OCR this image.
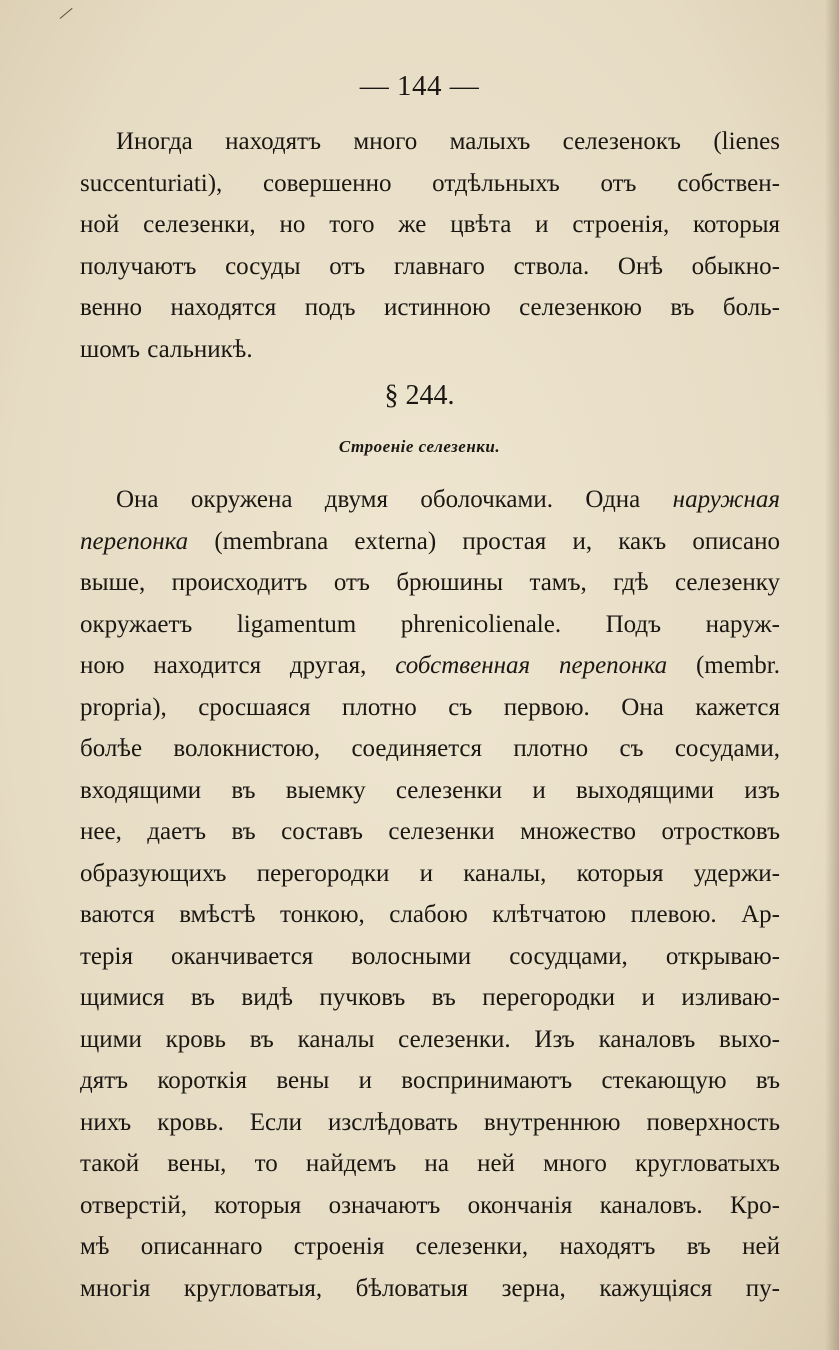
— 144 —
Иногда находятъ много малыхъ селезенокъ (lienes
succenturiati), совершенно отдѣльныхъ отъ собствен-
ной селезенки, но того же цвѣта и строенія, которыя
получаютъ сосуды отъ главнаго ствола. Онѣ обыкно-
венно находятся подъ истинною селезенкою въ боль-
шомъ сальникѣ.
§ 244.
Строеніе селезенки.
Она окружена двумя оболочками. Одна наружная
перепонка (membrana externa) простая и, какъ описано
выше, происходитъ отъ брюшины тамъ, гдѣ селезенку
окружаетъ ligamentum phrenicolienale. Подъ наруж-
ною находится другая, собственная перепонка (membr.
propria), сросшаяся плотно съ первою. Она кажется
болѣе волокнистою, соединяется плотно съ сосудами,
входящими въ выемку селезенки и выходящими изъ
нее, даетъ въ составъ селезенки множество отростковъ
образующихъ перегородки и каналы, которыя удержи-
ваются вмѣстѣ тонкою, слабою клѣтчатою плевою. Ар-
терія оканчивается волосными сосудцами, открываю-
щимися въ видѣ пучковъ въ перегородки и изливаю-
щими кровь въ каналы селезенки. Изъ каналовъ выхо-
дятъ короткія вены и воспринимаютъ стекающую въ
нихъ кровь. Если изслѣдовать внутреннюю поверхность
такой вены, то найдемъ на ней много кругловатыхъ
отверстій, которыя означаютъ окончанія каналовъ. Кро-
мѣ описаннаго строенія селезенки, находятъ въ ней
многія кругловатыя, бѣловатыя зерна, кажущіяся пу-
